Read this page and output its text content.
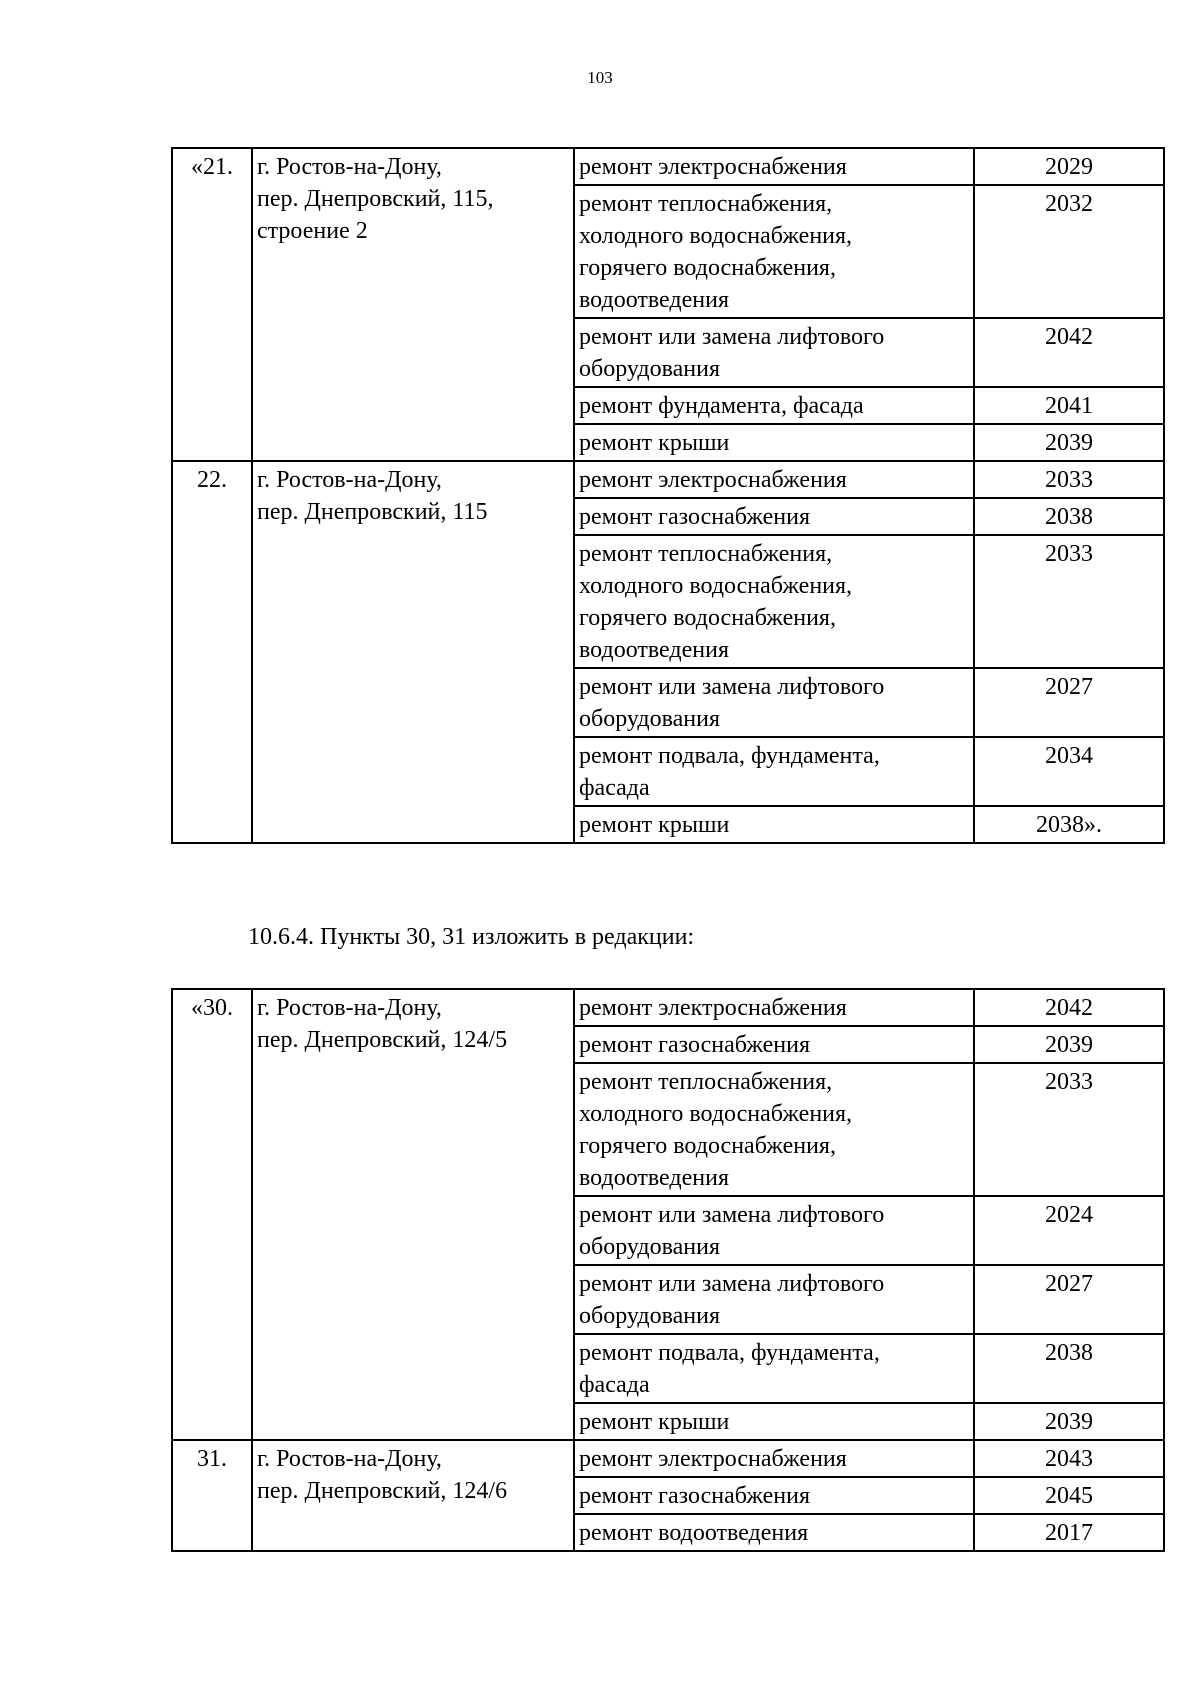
103
«21.	г. Ростов-на-Дону,
пер. Днепровский, 115,
строение 2	ремонт электроснабжения	2029
		ремонт теплоснабжения,
холодного водоснабжения,
горячего водоснабжения,
водоотведения	2032
		ремонт или замена лифтового
оборудования	2042
		ремонт фундамента, фасада	2041
		ремонт крыши	2039
22.	г. Ростов-на-Дону,
пер. Днепровский, 115	ремонт электроснабжения	2033
		ремонт газоснабжения	2038
		ремонт теплоснабжения,
холодного водоснабжения,
горячего водоснабжения,
водоотведения	2033
		ремонт или замена лифтового
оборудования	2027
		ремонт подвала, фундамента,
фасада	2034
		ремонт крыши	2038».
10.6.4. Пункты 30, 31 изложить в редакции:
«30.	г. Ростов-на-Дону,
пер. Днепровский, 124/5	ремонт электроснабжения	2042
		ремонт газоснабжения	2039
		ремонт теплоснабжения,
холодного водоснабжения,
горячего водоснабжения,
водоотведения	2033
		ремонт или замена лифтового
оборудования	2024
		ремонт или замена лифтового
оборудования	2027
		ремонт подвала, фундамента,
фасада	2038
		ремонт крыши	2039
31.	г. Ростов-на-Дону,
пер. Днепровский, 124/6	ремонт электроснабжения	2043
		ремонт газоснабжения	2045
		ремонт водоотведения	2017
